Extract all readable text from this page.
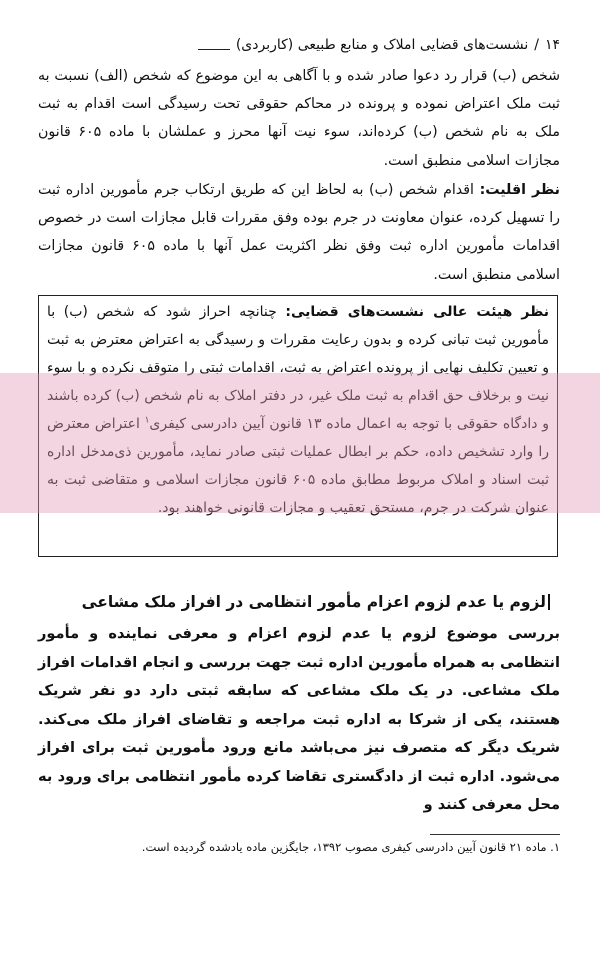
۱۴
/
نشست‌های قضایی املاک و منابع طبیعی (کاربردی)

شخص (ب) قرار رد دعوا صادر شده و با آگاهی به این موضوع که شخص (الف) نسبت به ثبت ملک اعتراض نموده و پرونده در محاکم حقوقی تحت رسیدگی است اقدام به ثبت ملک به نام شخص (ب) کرده‌اند، سوء نیت آنها محرز و عملشان با ماده ۶۰۵ قانون مجازات اسلامی منطبق است.

نظر اقلیت: اقدام شخص (ب) به لحاظ این که طریق ارتکاب جرم مأمورین اداره ثبت را تسهیل کرده، عنوان معاونت در جرم بوده وفق مقررات قابل مجازات است در خصوص اقدامات مأمورین اداره ثبت وفق نظر اکثریت عمل آنها با ماده ۶۰۵ قانون مجازات اسلامی منطبق است.

نظر هیئت عالی نشست‌های قضایی: چنانچه احراز شود که شخص (ب) با مأمورین ثبت تبانی کرده و بدون رعایت مقررات و رسیدگی به اعتراض معترض به ثبت و تعیین تکلیف نهایی از پرونده اعتراض به ثبت، اقدامات ثبتی را متوقف نکرده و با سوء نیت و برخلاف حق اقدام به ثبت ملک غیر، در دفتر املاک به نام شخص (ب) کرده باشند و دادگاه حقوقی با توجه به اعمال ماده ۱۳ قانون آیین دادرسی کیفری$^۱$ اعتراض معترض را وارد تشخیص داده، حکم بر ابطال عملیات ثبتی صادر نماید، مأمورین ذی‌مدخل اداره ثبت اسناد و املاک مربوط مطابق ماده ۶۰۵ قانون مجازات اسلامی و متقاضی ثبت به عنوان شرکت در جرم، مستحق تعقیب و مجازات قانونی خواهند بود.

لزوم یا عدم لزوم اعزام مأمور انتظامی در افراز ملک مشاعی

بررسی موضوع لزوم یا عدم لزوم اعزام و معرفی نماینده و مأمور انتظامی به همراه مأمورین اداره ثبت جهت بررسی و انجام اقدامات افراز ملک مشاعی. در یک ملک مشاعی که سابقه ثبتی دارد دو نفر شریک هستند، یکی از شرکا به اداره ثبت مراجعه و تقاضای افراز ملک می‌کند. شریک دیگر که متصرف نیز می‌باشد مانع ورود مأمورین ثبت برای افراز می‌شود. اداره ثبت از دادگستری تقاضا کرده مأمور انتظامی برای ورود به محل معرفی کنند و

۱. ماده ۲۱ قانون آیین دادرسی کیفری مصوب ۱۳۹۲، جایگزین ماده یادشده گردیده است.
